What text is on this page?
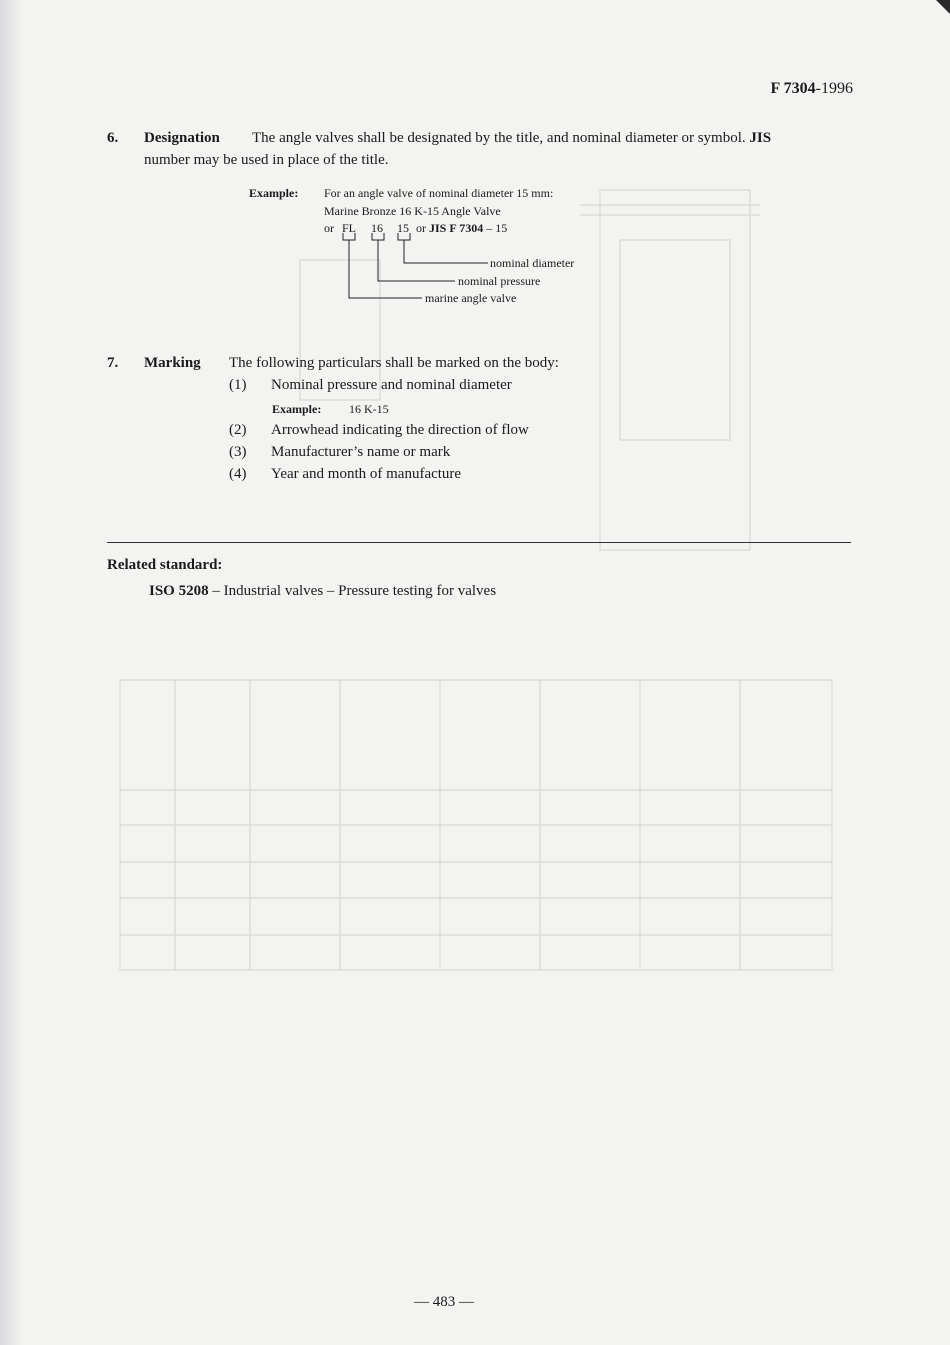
F 7304-1996
6. Designation The angle valves shall be designated by the title, and nominal diameter or symbol. JIS
number may be used in place of the title.
Example: For an angle valve of nominal diameter 15 mm:
Marine Bronze 16 K-15 Angle Valve
or FL 16 15 or JIS F 7304 – 15
nominal diameter
nominal pressure
marine angle valve
7. Marking The following particulars shall be marked on the body:
(1) Nominal pressure and nominal diameter
Example: 16 K-15
(2) Arrowhead indicating the direction of flow
(3) Manufacturer’s name or mark
(4) Year and month of manufacture
Related standard:
ISO 5208 – Industrial valves – Pressure testing for valves
— 483 —
